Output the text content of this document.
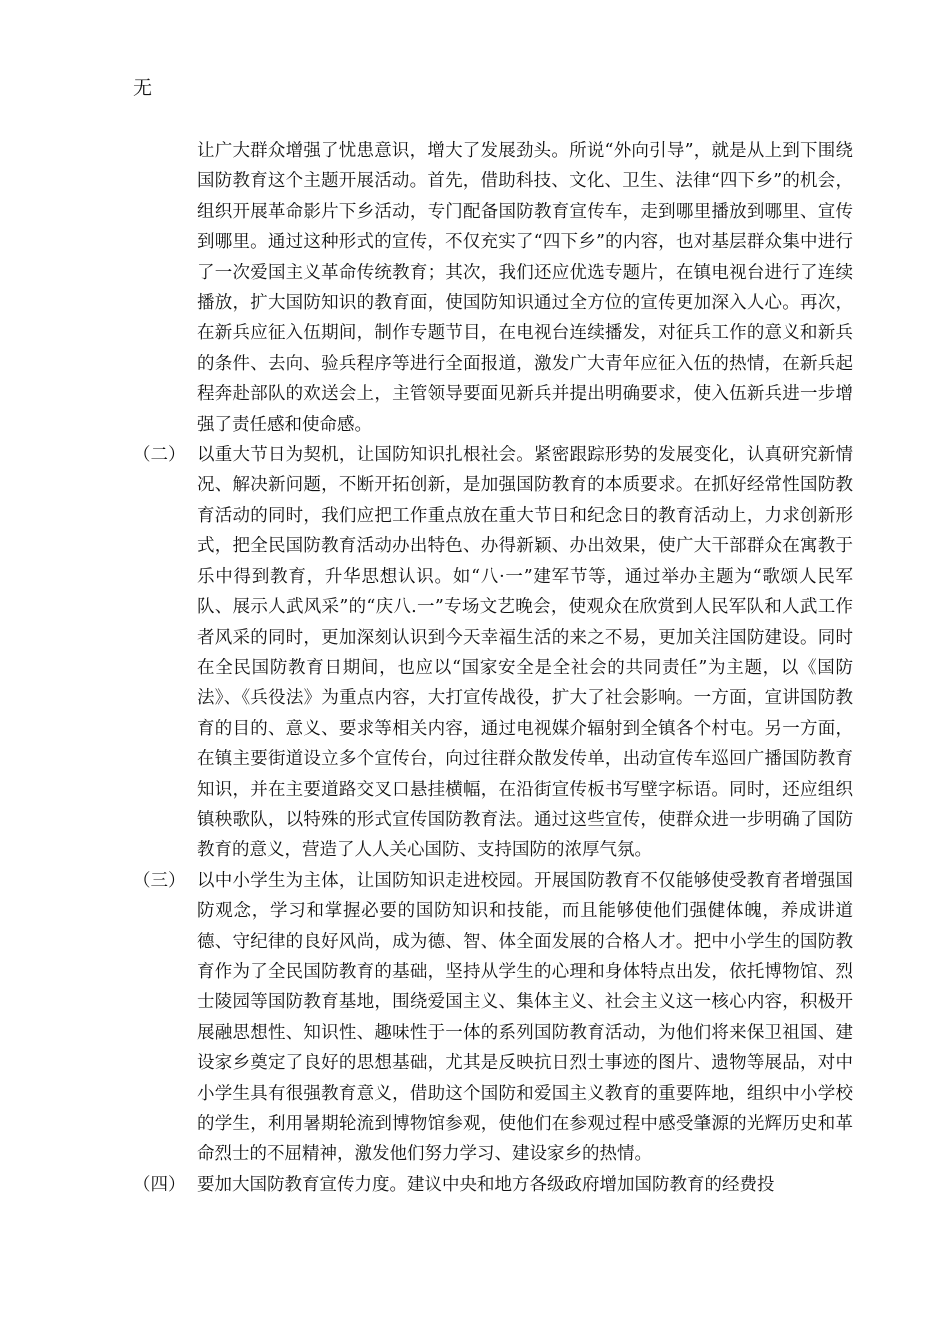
无

让广大群众增强了忧患意识，增大了发展劲头。所说“外向引导”，就是从上到下围绕国防教育这个主题开展活动。首先，借助科技、文化、卫生、法律“四下乡”的机会，组织开展革命影片下乡活动，专门配备国防教育宣传车，走到哪里播放到哪里、宣传到哪里。通过这种形式的宣传，不仅充实了“四下乡”的内容，也对基层群众集中进行了一次爱国主义革命传统教育；其次，我们还应优选专题片，在镇电视台进行了连续播放，扩大国防知识的教育面，使国防知识通过全方位的宣传更加深入人心。再次，在新兵应征入伍期间，制作专题节目，在电视台连续播发，对征兵工作的意义和新兵的条件、去向、验兵程序等进行全面报道，激发广大青年应征入伍的热情，在新兵起程奔赴部队的欢送会上，主管领导要面见新兵并提出明确要求，使入伍新兵进一步增强了责任感和使命感。

（二） 以重大节日为契机，让国防知识扎根社会。紧密跟踪形势的发展变化，认真研究新情况、解决新问题，不断开拓创新，是加强国防教育的本质要求。在抓好经常性国防教育活动的同时，我们应把工作重点放在重大节日和纪念日的教育活动上，力求创新形式，把全民国防教育活动办出特色、办得新颖、办出效果，使广大干部群众在寓教于乐中得到教育，升华思想认识。如“八·一”建军节等，通过举办主题为“歌颂人民军队、展示人武风采”的“庆八.一”专场文艺晚会，使观众在欣赏到人民军队和人武工作者风采的同时，更加深刻认识到今天幸福生活的来之不易，更加关注国防建设。同时在全民国防教育日期间，也应以“国家安全是全社会的共同责任”为主题，以《国防法》、《兵役法》为重点内容，大打宣传战役，扩大了社会影响。一方面，宣讲国防教育的目的、意义、要求等相关内容，通过电视媒介辐射到全镇各个村屯。另一方面，在镇主要街道设立多个宣传台，向过往群众散发传单，出动宣传车巡回广播国防教育知识，并在主要道路交叉口悬挂横幅，在沿街宣传板书写壁字标语。同时，还应组织镇秧歌队，以特殊的形式宣传国防教育法。通过这些宣传，使群众进一步明确了国防教育的意义，营造了人人关心国防、支持国防的浓厚气氛。

（三） 以中小学生为主体，让国防知识走进校园。开展国防教育不仅能够使受教育者增强国防观念，学习和掌握必要的国防知识和技能，而且能够使他们强健体魄，养成讲道德、守纪律的良好风尚，成为德、智、体全面发展的合格人才。把中小学生的国防教育作为了全民国防教育的基础，坚持从学生的心理和身体特点出发，依托博物馆、烈士陵园等国防教育基地，围绕爱国主义、集体主义、社会主义这一核心内容，积极开展融思想性、知识性、趣味性于一体的系列国防教育活动，为他们将来保卫祖国、建设家乡奠定了良好的思想基础，尤其是反映抗日烈士事迹的图片、遗物等展品，对中小学生具有很强教育意义，借助这个国防和爱国主义教育的重要阵地，组织中小学校的学生，利用暑期轮流到博物馆参观，使他们在参观过程中感受肇源的光辉历史和革命烈士的不屈精神，激发他们努力学习、建设家乡的热情。

（四） 要加大国防教育宣传力度。建议中央和地方各级政府增加国防教育的经费投
